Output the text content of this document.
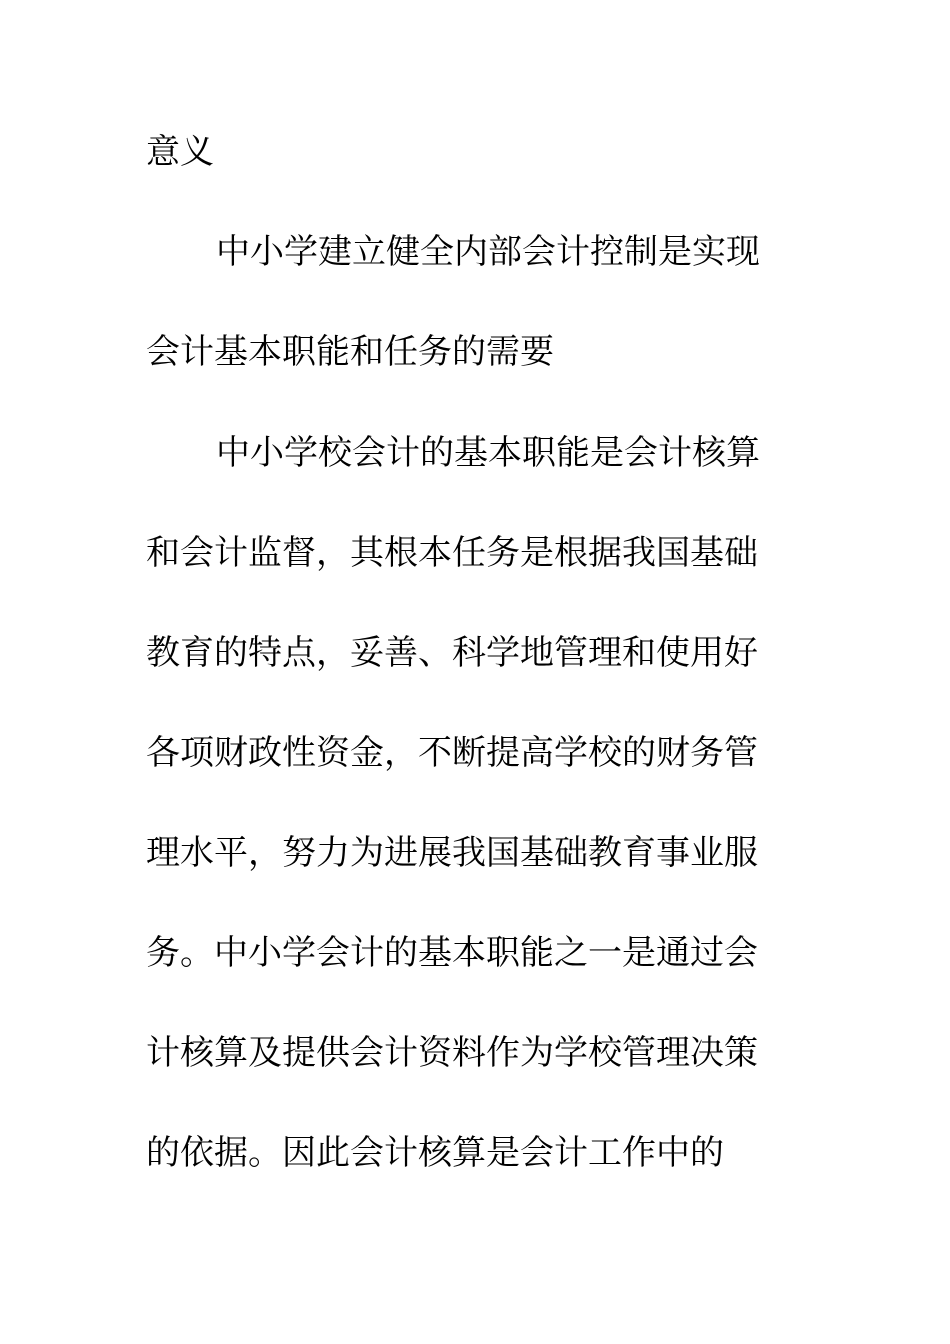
意义
中小学建立健全内部会计控制是实现
会计基本职能和任务的需要
中小学校会计的基本职能是会计核算
和会计监督，其根本任务是根据我国基础
教育的特点，妥善、科学地管理和使用好
各项财政性资金，不断提高学校的财务管
理水平，努力为进展我国基础教育事业服
务。中小学会计的基本职能之一是通过会
计核算及提供会计资料作为学校管理决策
的依据。因此会计核算是会计工作中的
